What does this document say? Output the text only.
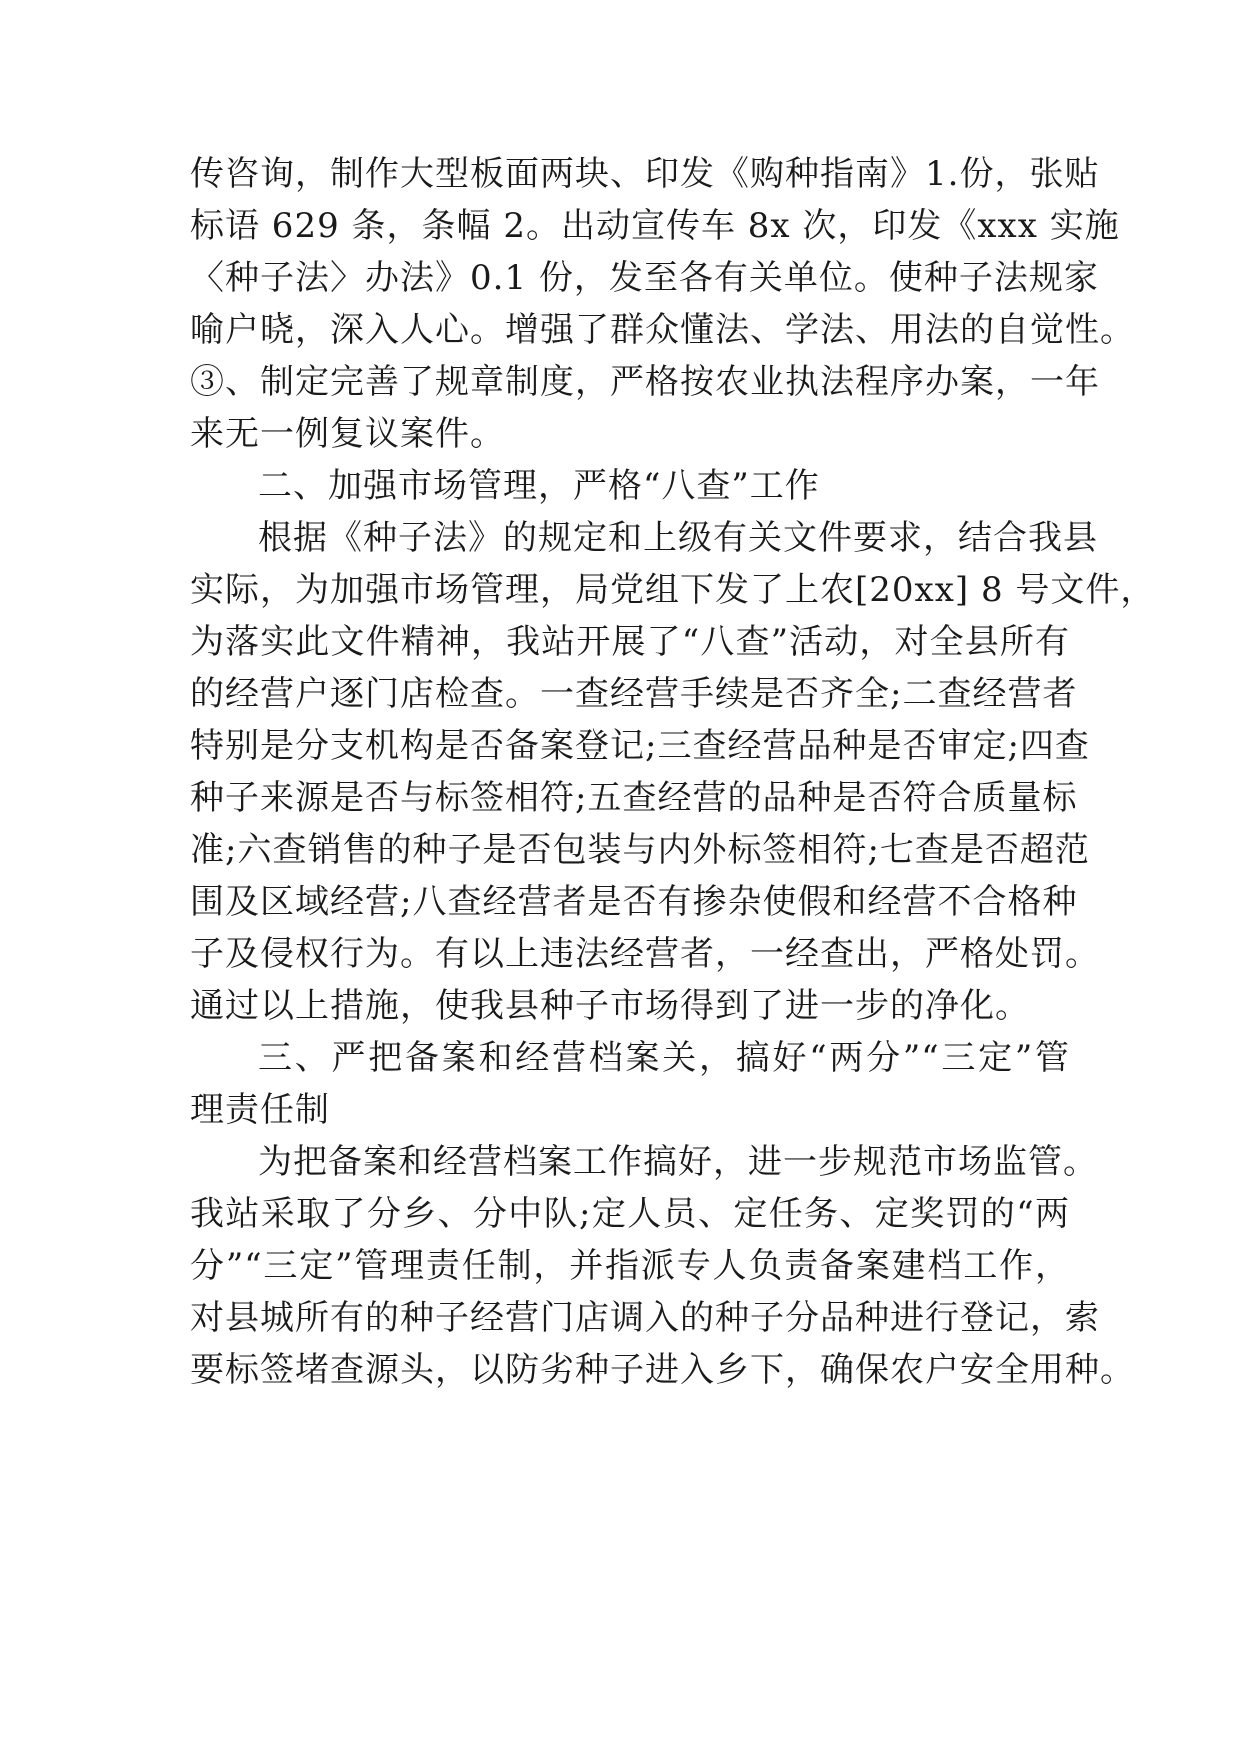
传咨询，制作大型板面两块、印发《购种指南》1.份，张贴
标语 629 条，条幅 2。出动宣传车 8x 次，印发《xxx 实施
〈种子法〉办法》0.1 份，发至各有关单位。使种子法规家
喻户晓，深入人心。增强了群众懂法、学法、用法的自觉性。
③、制定完善了规章制度，严格按农业执法程序办案，一年
来无一例复议案件。
二、加强市场管理，严格“八查”工作
根据《种子法》的规定和上级有关文件要求，结合我县
实际，为加强市场管理，局党组下发了上农[20xx] 8 号文件，
为落实此文件精神，我站开展了“八查”活动，对全县所有
的经营户逐门店检查。一查经营手续是否齐全;二查经营者
特别是分支机构是否备案登记;三查经营品种是否审定;四查
种子来源是否与标签相符;五查经营的品种是否符合质量标
准;六查销售的种子是否包装与内外标签相符;七查是否超范
围及区域经营;八查经营者是否有掺杂使假和经营不合格种
子及侵权行为。有以上违法经营者，一经查出，严格处罚。
通过以上措施，使我县种子市场得到了进一步的净化。
三、严把备案和经营档案关，搞好“两分”“三定”管
理责任制
为把备案和经营档案工作搞好，进一步规范市场监管。
我站采取了分乡、分中队;定人员、定任务、定奖罚的“两
分”“三定”管理责任制，并指派专人负责备案建档工作，
对县城所有的种子经营门店调入的种子分品种进行登记，索
要标签堵查源头，以防劣种子进入乡下，确保农户安全用种。
